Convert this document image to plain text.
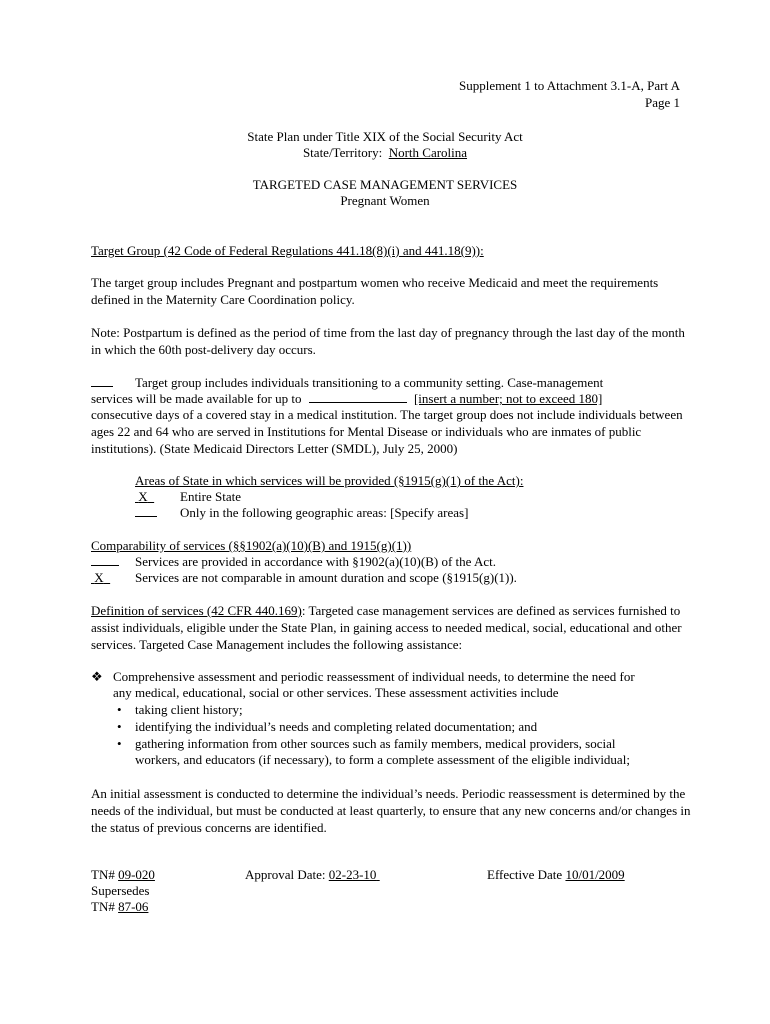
Supplement 1 to Attachment 3.1-A, Part A
Page 1
State Plan under Title XIX of the Social Security Act
State/Territory: North Carolina
TARGETED CASE MANAGEMENT SERVICES
Pregnant Women
Target Group (42 Code of Federal Regulations 441.18(8)(i) and 441.18(9)):
The target group includes Pregnant and postpartum women who receive Medicaid and meet the requirements defined in the Maternity Care Coordination policy.
Note: Postpartum is defined as the period of time from the last day of pregnancy through the last day of the month in which the 60th post-delivery day occurs.
Target group includes individuals transitioning to a community setting. Case-management
services will be made available for up to	[insert a number; not to exceed 180]
consecutive days of a covered stay in a medical institution. The target group does not include individuals between ages 22 and 64 who are served in Institutions for Mental Disease or individuals who are inmates of public institutions). (State Medicaid Directors Letter (SMDL), July 25, 2000)
Areas of State in which services will be provided (§1915(g)(1) of the Act):
X Entire State
Only in the following geographic areas: [Specify areas]
Comparability of services (§§1902(a)(10)(B) and 1915(g)(1))
Services are provided in accordance with §1902(a)(10)(B) of the Act.
X Services are not comparable in amount duration and scope (§1915(g)(1)).
Definition of services (42 CFR 440.169): Targeted case management services are defined as services furnished to assist individuals, eligible under the State Plan, in gaining access to needed medical, social, educational and other services. Targeted Case Management includes the following assistance:
❖ Comprehensive assessment and periodic reassessment of individual needs, to determine the need for
any medical, educational, social or other services. These assessment activities include
• taking client history;
• identifying the individual’s needs and completing related documentation; and
• gathering information from other sources such as family members, medical providers, social
workers, and educators (if necessary), to form a complete assessment of the eligible individual;
An initial assessment is conducted to determine the individual’s needs. Periodic reassessment is determined by the needs of the individual, but must be conducted at least quarterly, to ensure that any new concerns and/or changes in the status of previous concerns are identified.
TN# 09-020
Supersedes
TN# 87-06
Approval Date: 02-23-10	Effective Date 10/01/2009
